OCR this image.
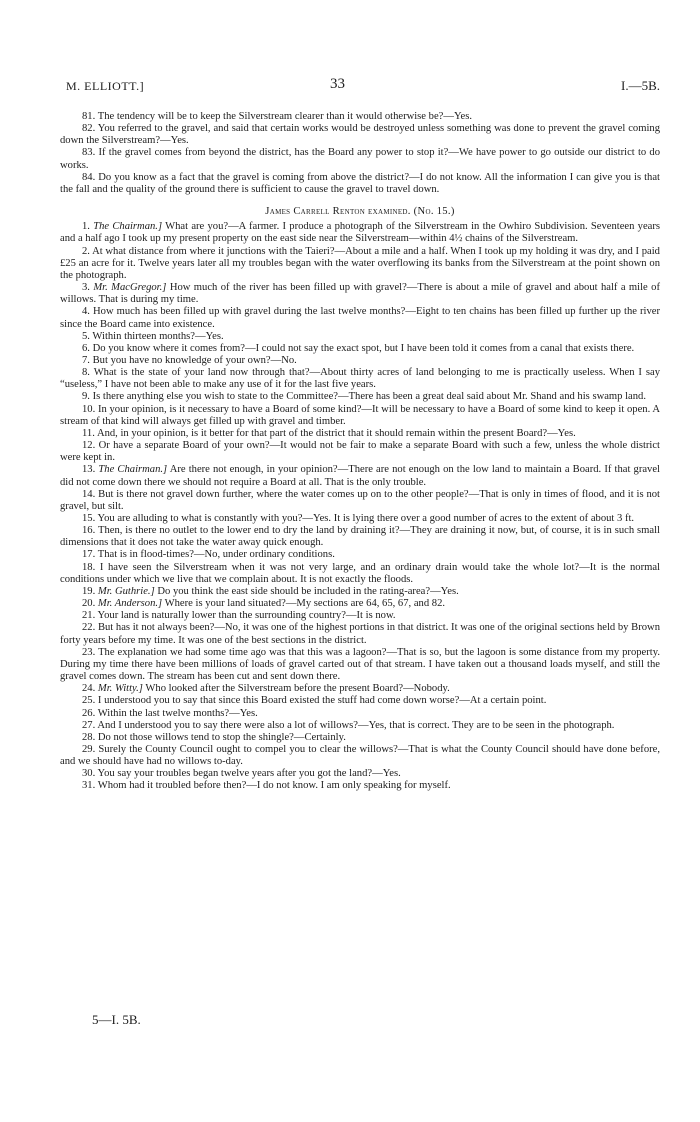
M. ELLIOTT.]	33	I.—5B.

81. The tendency will be to keep the Silverstream clearer than it would otherwise be?—Yes.

82. You referred to the gravel, and said that certain works would be destroyed unless something was done to prevent the gravel coming down the Silverstream?—Yes.

83. If the gravel comes from beyond the district, has the Board any power to stop it?—We have power to go outside our district to do works.

84. Do you know as a fact that the gravel is coming from above the district?—I do not know. All the information I can give you is that the fall and the quality of the ground there is sufficient to cause the gravel to travel down.

James Carrell Renton examined. (No. 15.)

1. The Chairman.] What are you?—A farmer. I produce a photograph of the Silverstream in the Owhiro Subdivision. Seventeen years and a half ago I took up my present property on the east side near the Silverstream—within 4½ chains of the Silverstream.

2. At what distance from where it junctions with the Taieri?—About a mile and a half. When I took up my holding it was dry, and I paid £25 an acre for it. Twelve years later all my troubles began with the water overflowing its banks from the Silverstream at the point shown on the photograph.

3. Mr. MacGregor.] How much of the river has been filled up with gravel?—There is about a mile of gravel and about half a mile of willows. That is during my time.

4. How much has been filled up with gravel during the last twelve months?—Eight to ten chains has been filled up further up the river since the Board came into existence.

5. Within thirteen months?—Yes.

6. Do you know where it comes from?—I could not say the exact spot, but I have been told it comes from a canal that exists there.

7. But you have no knowledge of your own?—No.

8. What is the state of your land now through that?—About thirty acres of land belonging to me is practically useless. When I say “useless,” I have not been able to make any use of it for the last five years.

9. Is there anything else you wish to state to the Committee?—There has been a great deal said about Mr. Shand and his swamp land.

10. In your opinion, is it necessary to have a Board of some kind?—It will be necessary to have a Board of some kind to keep it open. A stream of that kind will always get filled up with gravel and timber.

11. And, in your opinion, is it better for that part of the district that it should remain within the present Board?—Yes.

12. Or have a separate Board of your own?—It would not be fair to make a separate Board with such a few, unless the whole district were kept in.

13. The Chairman.] Are there not enough, in your opinion?—There are not enough on the low land to maintain a Board. If that gravel did not come down there we should not require a Board at all. That is the only trouble.

14. But is there not gravel down further, where the water comes up on to the other people?—That is only in times of flood, and it is not gravel, but silt.

15. You are alluding to what is constantly with you?—Yes. It is lying there over a good number of acres to the extent of about 3 ft.

16. Then, is there no outlet to the lower end to dry the land by draining it?—They are draining it now, but, of course, it is in such small dimensions that it does not take the water away quick enough.

17. That is in flood-times?—No, under ordinary conditions.

18. I have seen the Silverstream when it was not very large, and an ordinary drain would take the whole lot?—It is the normal conditions under which we live that we complain about. It is not exactly the floods.

19. Mr. Guthrie.] Do you think the east side should be included in the rating-area?—Yes.

20. Mr. Anderson.] Where is your land situated?—My sections are 64, 65, 67, and 82.

21. Your land is naturally lower than the surrounding country?—It is now.

22. But has it not always been?—No, it was one of the highest portions in that district. It was one of the original sections held by Brown forty years before my time. It was one of the best sections in the district.

23. The explanation we had some time ago was that this was a lagoon?—That is so, but the lagoon is some distance from my property. During my time there have been millions of loads of gravel carted out of that stream. I have taken out a thousand loads myself, and still the gravel comes down. The stream has been cut and sent down there.

24. Mr. Witty.] Who looked after the Silverstream before the present Board?—Nobody.

25. I understood you to say that since this Board existed the stuff had come down worse?—At a certain point.

26. Within the last twelve months?—Yes.

27. And I understood you to say there were also a lot of willows?—Yes, that is correct. They are to be seen in the photograph.

28. Do not those willows tend to stop the shingle?—Certainly.

29. Surely the County Council ought to compel you to clear the willows?—That is what the County Council should have done before, and we should have had no willows to-day.

30. You say your troubles began twelve years after you got the land?—Yes.

31. Whom had it troubled before then?—I do not know. I am only speaking for myself.

5—I. 5B.
